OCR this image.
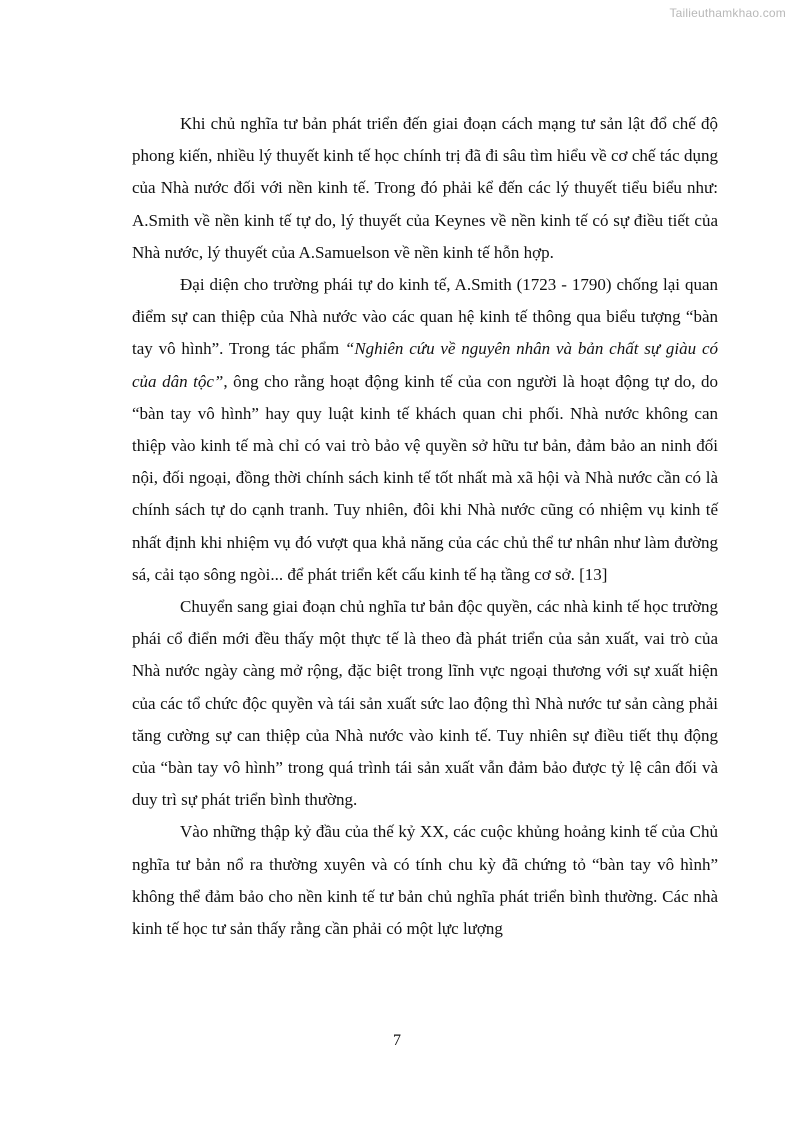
Tailieuthamkhao.com

Khi chủ nghĩa tư bản phát triển đến giai đoạn cách mạng tư sản lật đổ chế độ phong kiến, nhiều lý thuyết kinh tế học chính trị đã đi sâu tìm hiểu về cơ chế tác dụng của Nhà nước đối với nền kinh tế. Trong đó phải kể đến các lý thuyết tiểu biểu như: A.Smith về nền kinh tế tự do, lý thuyết của Keynes về nền kinh tế có sự điều tiết của Nhà nước, lý thuyết của A.Samuelson về nền kinh tế hỗn hợp.

Đại diện cho trường phái tự do kinh tế, A.Smith (1723 - 1790) chống lại quan điểm sự can thiệp của Nhà nước vào các quan hệ kinh tế thông qua biểu tượng “bàn tay vô hình”. Trong tác phẩm “Nghiên cứu về nguyên nhân và bản chất sự giàu có của dân tộc”, ông cho rằng hoạt động kinh tế của con người là hoạt động tự do, do “bàn tay vô hình” hay quy luật kinh tế khách quan chi phối. Nhà nước không can thiệp vào kinh tế mà chỉ có vai trò bảo vệ quyền sở hữu tư bản, đảm bảo an ninh đối nội, đối ngoại, đồng thời chính sách kinh tế tốt nhất mà xã hội và Nhà nước cần có là chính sách tự do cạnh tranh. Tuy nhiên, đôi khi Nhà nước cũng có nhiệm vụ kinh tế nhất định khi nhiệm vụ đó vượt qua khả năng của các chủ thể tư nhân như làm đường sá, cải tạo sông ngòi... để phát triển kết cấu kinh tế hạ tầng cơ sở. [13]

Chuyển sang giai đoạn chủ nghĩa tư bản độc quyền, các nhà kinh tế học trường phái cổ điển mới đều thấy một thực tế là theo đà phát triển của sản xuất, vai trò của Nhà nước ngày càng mở rộng, đặc biệt trong lĩnh vực ngoại thương với sự xuất hiện của các tổ chức độc quyền và tái sản xuất sức lao động thì Nhà nước tư sản càng phải tăng cường sự can thiệp của Nhà nước vào kinh tế. Tuy nhiên sự điều tiết thụ động của “bàn tay vô hình” trong quá trình tái sản xuất vẫn đảm bảo được tỷ lệ cân đối và duy trì sự phát triển bình thường.

Vào những thập kỷ đầu của thế kỷ XX, các cuộc khủng hoảng kinh tế của Chủ nghĩa tư bản nổ ra thường xuyên và có tính chu kỳ đã chứng tỏ “bàn tay vô hình” không thể đảm bảo cho nền kinh tế tư bản chủ nghĩa phát triển bình thường. Các nhà kinh tế học tư sản thấy rằng cần phải có một lực lượng

7
